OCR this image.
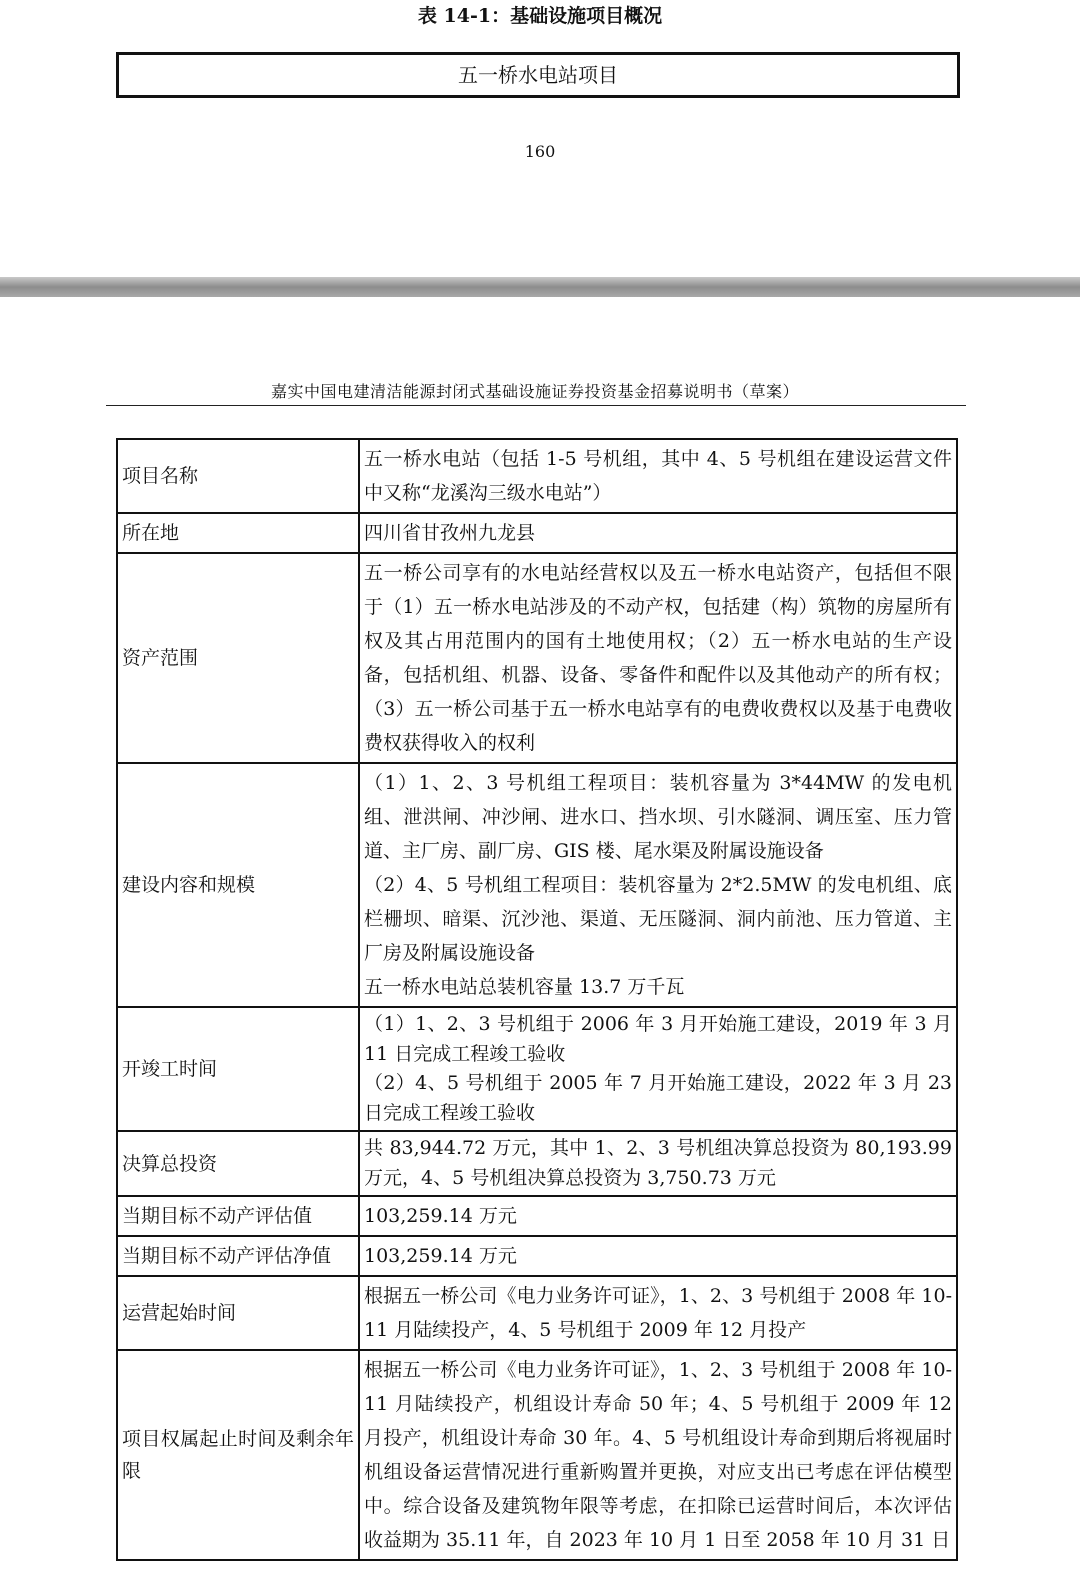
表 14-1：基础设施项目概况
五一桥水电站项目
160
嘉实中国电建清洁能源封闭式基础设施证券投资基金招募说明书（草案）
项目名称	五一桥水电站（包括 1-5 号机组，其中 4、5 号机组在建设运营文件中又称“龙溪沟三级水电站”）
所在地	四川省甘孜州九龙县
资产范围	五一桥公司享有的水电站经营权以及五一桥水电站资产，包括但不限于（1）五一桥水电站涉及的不动产权，包括建（构）筑物的房屋所有权及其占用范围内的国有土地使用权；（2）五一桥水电站的生产设备，包括机组、机器、设备、零备件和配件以及其他动产的所有权；（3）五一桥公司基于五一桥水电站享有的电费收费权以及基于电费收费权获得收入的权利
建设内容和规模	（1）1、2、3 号机组工程项目：装机容量为 3*44MW 的发电机组、泄洪闸、冲沙闸、进水口、挡水坝、引水隧洞、调压室、压力管道、主厂房、副厂房、GIS 楼、尾水渠及附属设施设备
（2）4、5 号机组工程项目：装机容量为 2*2.5MW 的发电机组、底栏栅坝、暗渠、沉沙池、渠道、无压隧洞、洞内前池、压力管道、主厂房及附属设施设备
五一桥水电站总装机容量 13.7 万千瓦

开竣工时间	（1）1、2、3 号机组于 2006 年 3 月开始施工建设，2019 年 3 月 11 日完成工程竣工验收
（2）4、5 号机组于 2005 年 7 月开始施工建设，2022 年 3 月 23 日完成工程竣工验收

决算总投资	共 83,944.72 万元，其中 1、2、3 号机组决算总投资为 80,193.99 万元，4、5 号机组决算总投资为 3,750.73 万元
当期目标不动产评估值	103,259.14 万元
当期目标不动产评估净值	103,259.14 万元
运营起始时间	根据五一桥公司《电力业务许可证》，1、2、3 号机组于 2008 年 10-11 月陆续投产，4、5 号机组于 2009 年 12 月投产
项目权属起止时间及剩余年限	根据五一桥公司《电力业务许可证》，1、2、3 号机组于 2008 年 10-11 月陆续投产，机组设计寿命 50 年；4、5 号机组于 2009 年 12 月投产，机组设计寿命 30 年。4、5 号机组设计寿命到期后将视届时机组设备运营情况进行重新购置并更换，对应支出已考虑在评估模型中。综合设备及建筑物年限等考虑，在扣除已运营时间后，本次评估收益期为 35.11 年，自 2023 年 10 月 1 日至 2058 年 10 月 31 日
